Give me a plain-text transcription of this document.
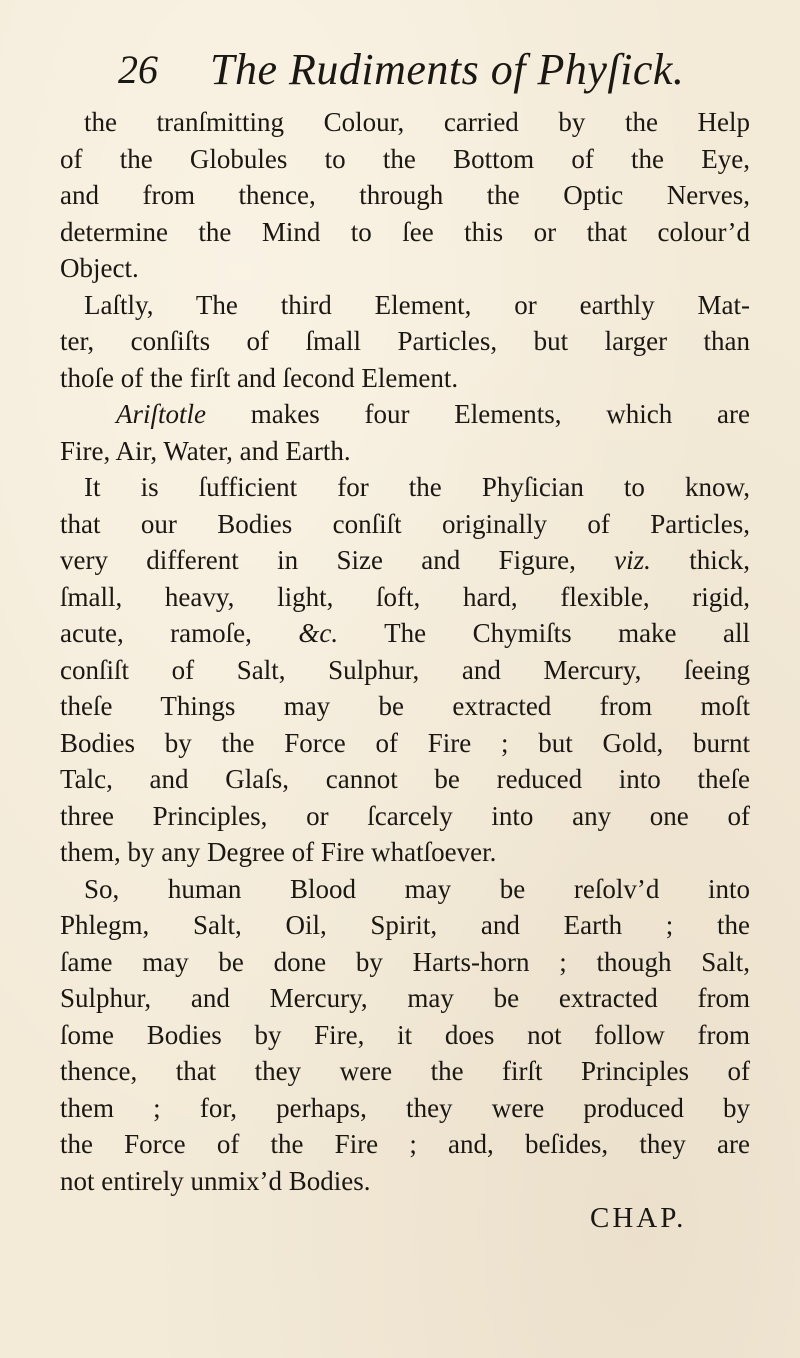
26 The Rudiments of Phyſick.
the tranſmitting Colour, carried by the Help
of the Globules to the Bottom of the Eye,
and from thence, through the Optic Nerves,
determine the Mind to ſee this or that colour’d
Object.
Laſtly, The third Element, or earthly Mat-
ter, conſiſts of ſmall Particles, but larger than
thoſe of the firſt and ſecond Element.
Ariſtotle makes four Elements, which are
Fire, Air, Water, and Earth.
It is ſufficient for the Phyſician to know,
that our Bodies conſiſt originally of Particles,
very different in Size and Figure, viz. thick,
ſmall, heavy, light, ſoft, hard, flexible, rigid,
acute, ramoſe, &c. The Chymiſts make all
conſiſt of Salt, Sulphur, and Mercury, ſeeing
theſe Things may be extracted from moſt
Bodies by the Force of Fire ; but Gold, burnt
Talc, and Glaſs, cannot be reduced into theſe
three Principles, or ſcarcely into any one of
them, by any Degree of Fire whatſoever.
So, human Blood may be reſolv’d into
Phlegm, Salt, Oil, Spirit, and Earth ; the
ſame may be done by Harts-horn ; though Salt,
Sulphur, and Mercury, may be extracted from
ſome Bodies by Fire, it does not follow from
thence, that they were the firſt Principles of
them ; for, perhaps, they were produced by
the Force of the Fire ; and, beſides, they are
not entirely unmix’d Bodies.
CHAP.
